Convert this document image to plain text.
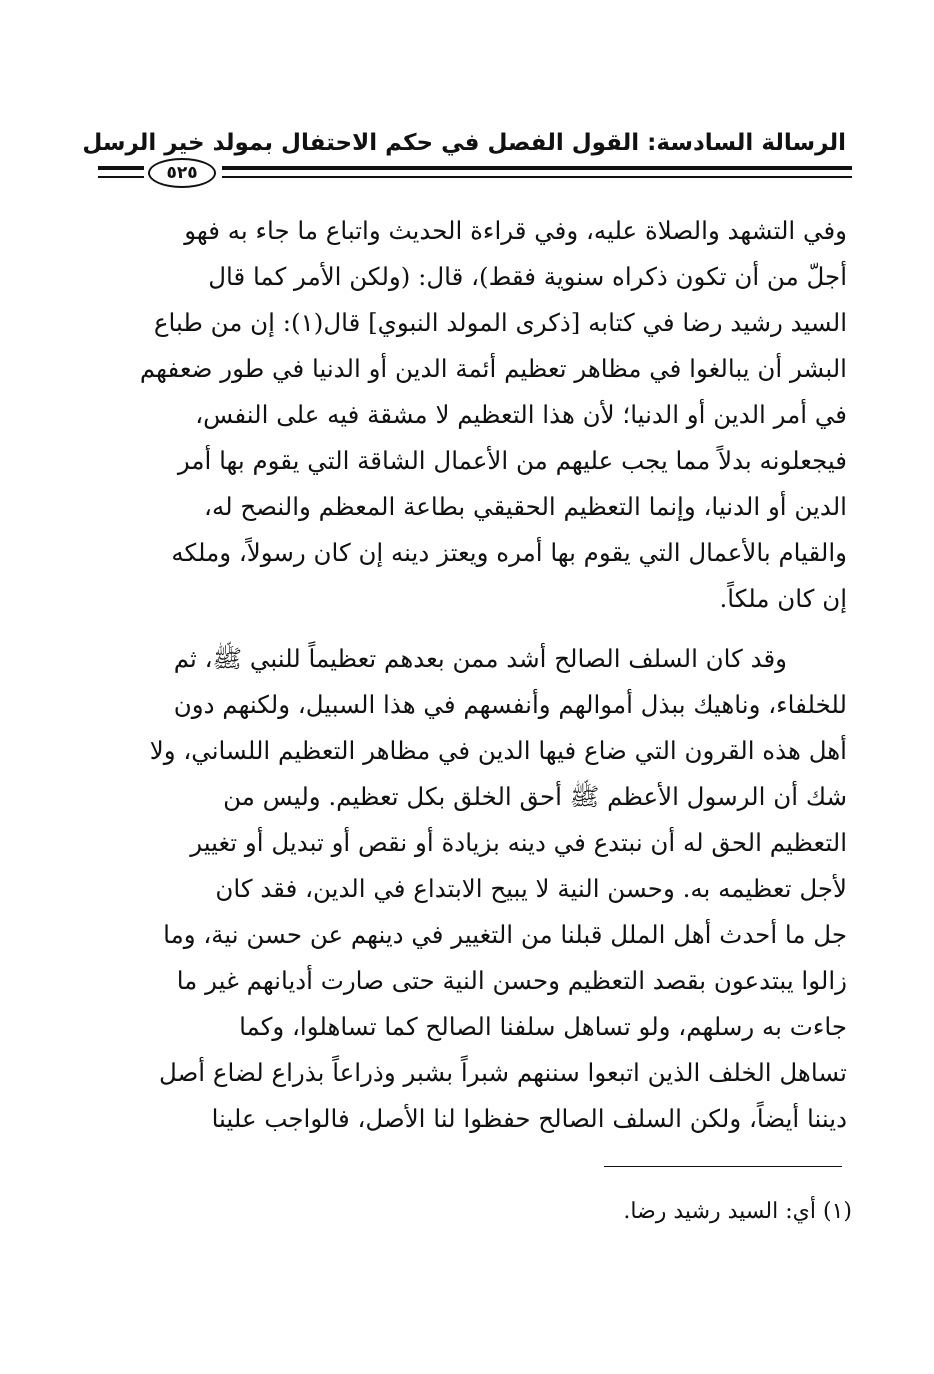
الرسالة السادسة: القول الفصل في حكم الاحتفال بمولد خير الرسل
٥٢٥
وفي التشهد والصلاة عليه، وفي قراءة الحديث واتباع ما جاء به فهو
أجلّ من أن تكون ذكراه سنوية فقط)، قال: (ولكن الأمر كما قال
السيد رشيد رضا في كتابه [ذكرى المولد النبوي] قال(١): إن من طباع
البشر أن يبالغوا في مظاهر تعظيم أئمة الدين أو الدنيا في طور ضعفهم
في أمر الدين أو الدنيا؛ لأن هذا التعظيم لا مشقة فيه على النفس،
فيجعلونه بدلاً مما يجب عليهم من الأعمال الشاقة التي يقوم بها أمر
الدين أو الدنيا، وإنما التعظيم الحقيقي بطاعة المعظم والنصح له،
والقيام بالأعمال التي يقوم بها أمره ويعتز دينه إن كان رسولاً، وملكه
إن كان ملكاً.
وقد كان السلف الصالح أشد ممن بعدهم تعظيماً للنبي ﷺ، ثم
للخلفاء، وناهيك ببذل أموالهم وأنفسهم في هذا السبيل، ولكنهم دون
أهل هذه القرون التي ضاع فيها الدين في مظاهر التعظيم اللساني، ولا
شك أن الرسول الأعظم ﷺ أحق الخلق بكل تعظيم. وليس من
التعظيم الحق له أن نبتدع في دينه بزيادة أو نقص أو تبديل أو تغيير
لأجل تعظيمه به. وحسن النية لا يبيح الابتداع في الدين، فقد كان
جل ما أحدث أهل الملل قبلنا من التغيير في دينهم عن حسن نية، وما
زالوا يبتدعون بقصد التعظيم وحسن النية حتى صارت أديانهم غير ما
جاءت به رسلهم، ولو تساهل سلفنا الصالح كما تساهلوا، وكما
تساهل الخلف الذين اتبعوا سننهم شبراً بشبر وذراعاً بذراع لضاع أصل
ديننا أيضاً، ولكن السلف الصالح حفظوا لنا الأصل، فالواجب علينا
(١) أي: السيد رشيد رضا.
